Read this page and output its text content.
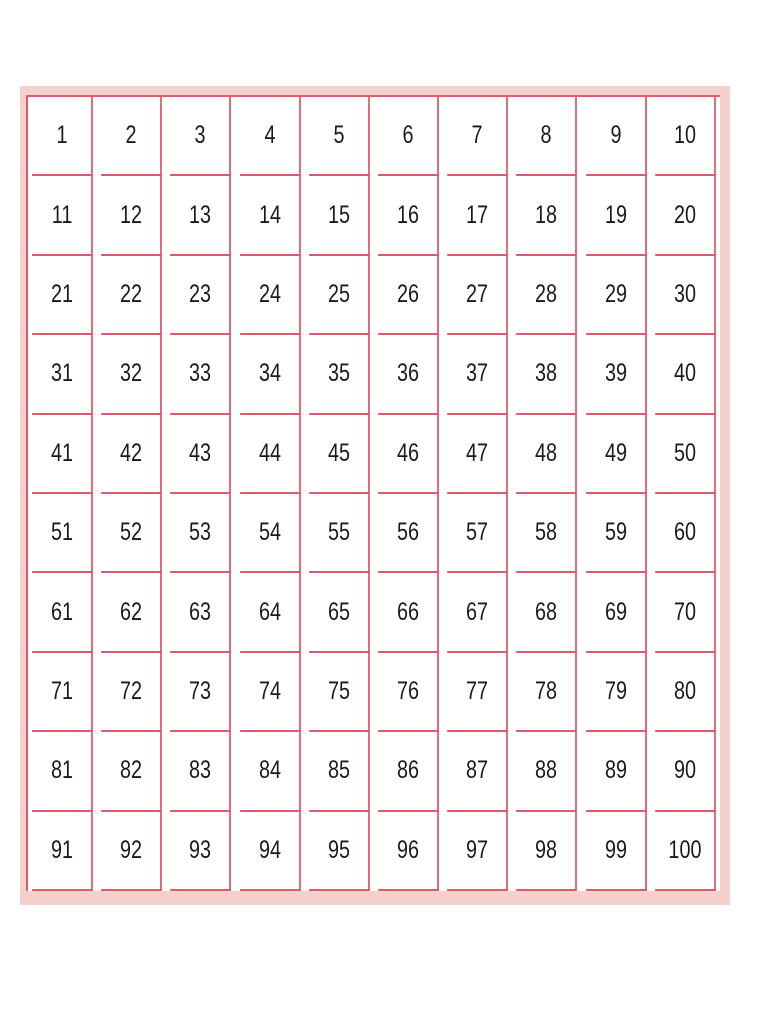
1 2 3 4 5 6 7 8 9 10
11 12 13 14 15 16 17 18 19 20
21 22 23 24 25 26 27 28 29 30
31 32 33 34 35 36 37 38 39 40
41 42 43 44 45 46 47 48 49 50
51 52 53 54 55 56 57 58 59 60
61 62 63 64 65 66 67 68 69 70
71 72 73 74 75 76 77 78 79 80
81 82 83 84 85 86 87 88 89 90
91 92 93 94 95 96 97 98 99 100
